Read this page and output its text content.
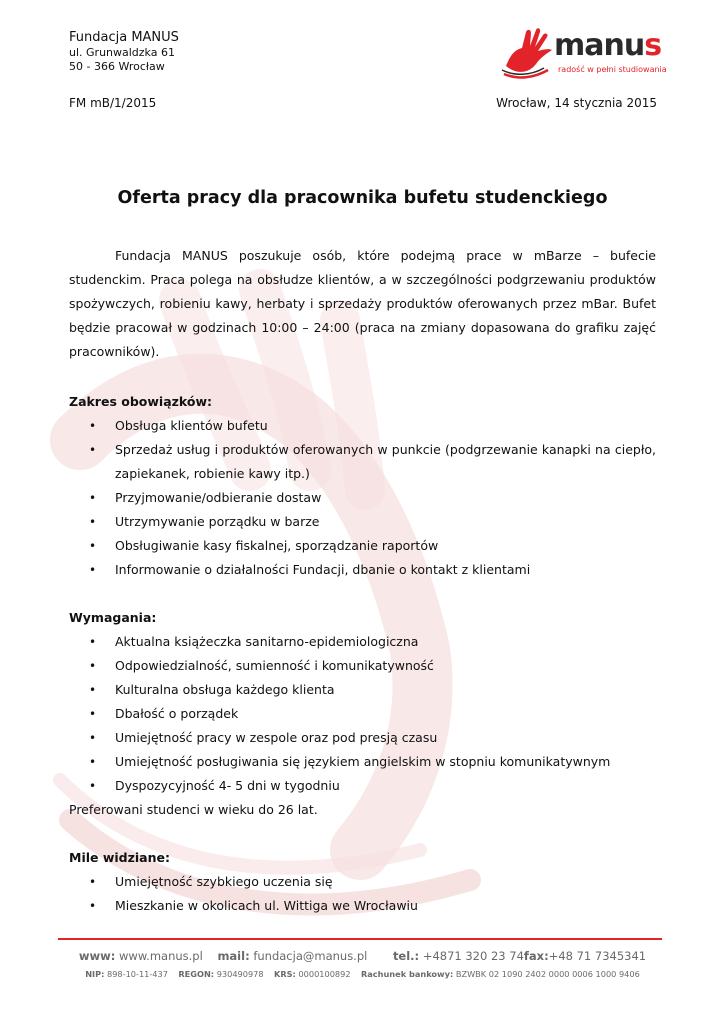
Fundacja MANUS
ul. Grunwaldzka 61
50 - 366 Wrocław
manus
radość w pełni studiowania
FM mB/1/2015	Wrocław, 14 stycznia 2015
Oferta pracy dla pracownika bufetu studenckiego

Fundacja MANUS poszukuje osób, które podejmą prace w mBarze – bufecie studenckim. Praca polega na obsłudze klientów, a w szczególności podgrzewaniu produktów spożywczych, robieniu kawy, herbaty i sprzedaży produktów oferowanych przez mBar. Bufet będzie pracował w godzinach 10:00 – 24:00 (praca na zmiany dopasowana do grafiku zajęć pracowników).

Zakres obowiązków:

• Obsługa klientów bufetu
• Sprzedaż usług i produktów oferowanych w punkcie (podgrzewanie kanapki na ciepło, zapiekanek, robienie kawy itp.)
• Przyjmowanie/odbieranie dostaw
• Utrzymywanie porządku w barze
• Obsługiwanie kasy fiskalnej, sporządzanie raportów
• Informowanie o działalności Fundacji, dbanie o kontakt z klientami

Wymagania:

• Aktualna książeczka sanitarno-epidemiologiczna
• Odpowiedzialność, sumienność i komunikatywność
• Kulturalna obsługa każdego klienta
• Dbałość o porządek
• Umiejętność pracy w zespole oraz pod presją czasu
• Umiejętność posługiwania się językiem angielskim w stopniu komunikatywnym
• Dyspozycyjność 4- 5 dni w tygodniu

Preferowani studenci w wieku do 26 lat.

Mile widziane:

• Umiejętność szybkiego uczenia się
• Mieszkanie w okolicach ul. Wittiga we Wrocławiu
www: www.manus.pl mail: fundacja@manus.pl tel.: +4871 320 23 74fax:+48 71 7345341
NIP: 898-10-11-437 REGON: 930490978 KRS: 0000100892 Rachunek bankowy: BZWBK 02 1090 2402 0000 0006 1000 9406
